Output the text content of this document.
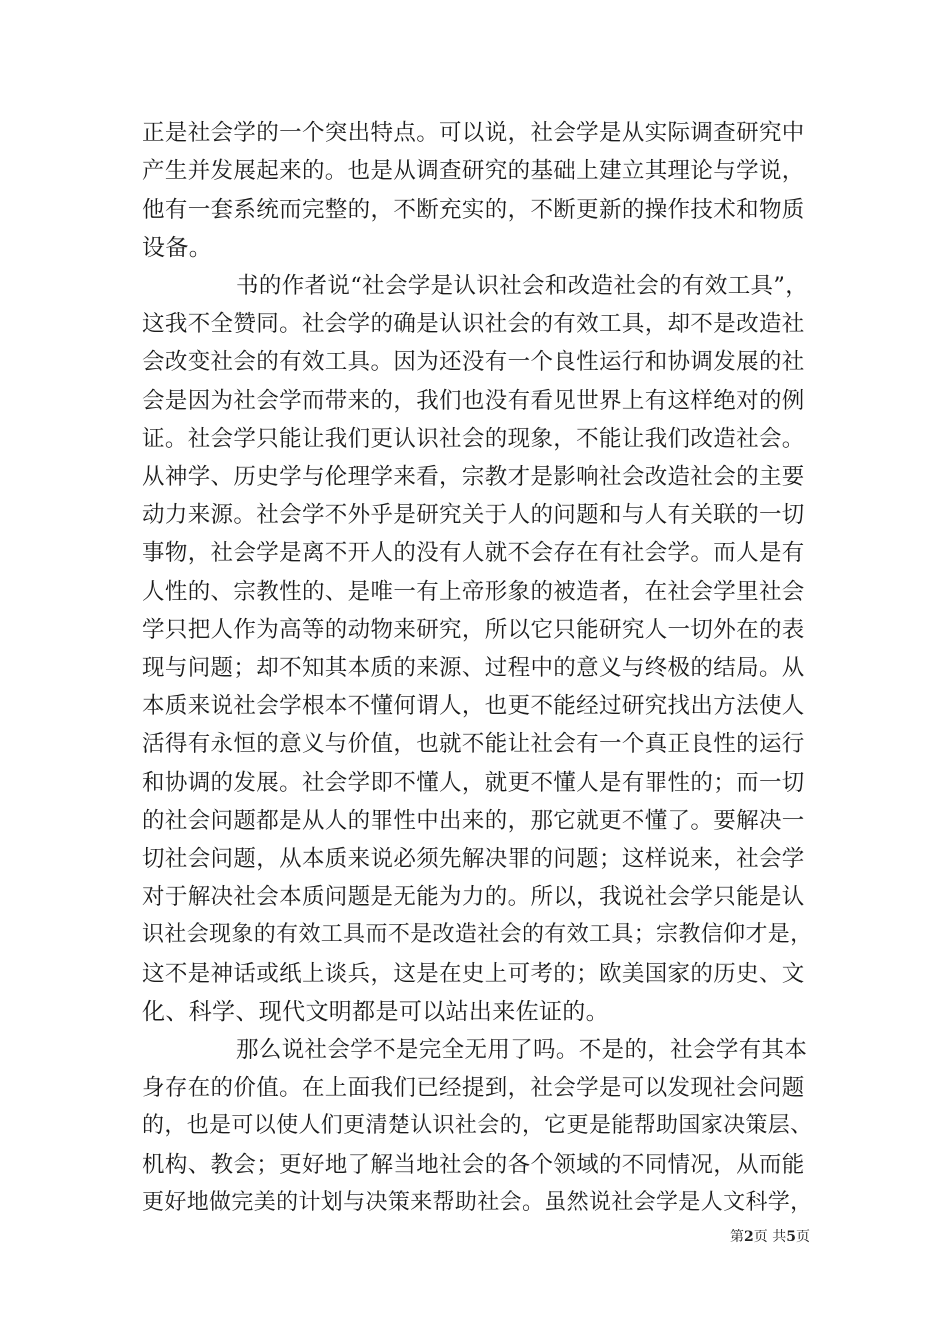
正是社会学的一个突出特点。可以说，社会学是从实际调查研究中
产生并发展起来的。也是从调查研究的基础上建立其理论与学说，
他有一套系统而完整的，不断充实的，不断更新的操作技术和物质
设备。
书的作者说“社会学是认识社会和改造社会的有效工具”，
这我不全赞同。社会学的确是认识社会的有效工具，却不是改造社
会改变社会的有效工具。因为还没有一个良性运行和协调发展的社
会是因为社会学而带来的，我们也没有看见世界上有这样绝对的例
证。社会学只能让我们更认识社会的现象，不能让我们改造社会。
从神学、历史学与伦理学来看，宗教才是影响社会改造社会的主要
动力来源。社会学不外乎是研究关于人的问题和与人有关联的一切
事物，社会学是离不开人的没有人就不会存在有社会学。而人是有
人性的、宗教性的、是唯一有上帝形象的被造者，在社会学里社会
学只把人作为高等的动物来研究，所以它只能研究人一切外在的表
现与问题；却不知其本质的来源、过程中的意义与终极的结局。从
本质来说社会学根本不懂何谓人，也更不能经过研究找出方法使人
活得有永恒的意义与价值，也就不能让社会有一个真正良性的运行
和协调的发展。社会学即不懂人，就更不懂人是有罪性的；而一切
的社会问题都是从人的罪性中出来的，那它就更不懂了。要解决一
切社会问题，从本质来说必须先解决罪的问题；这样说来，社会学
对于解决社会本质问题是无能为力的。所以，我说社会学只能是认
识社会现象的有效工具而不是改造社会的有效工具；宗教信仰才是，
这不是神话或纸上谈兵，这是在史上可考的；欧美国家的历史、文
化、科学、现代文明都是可以站出来佐证的。
那么说社会学不是完全无用了吗。不是的，社会学有其本
身存在的价值。在上面我们已经提到，社会学是可以发现社会问题
的，也是可以使人们更清楚认识社会的，它更是能帮助国家决策层、
机构、教会；更好地了解当地社会的各个领域的不同情况，从而能
更好地做完美的计划与决策来帮助社会。虽然说社会学是人文科学，
第2页 共5页
